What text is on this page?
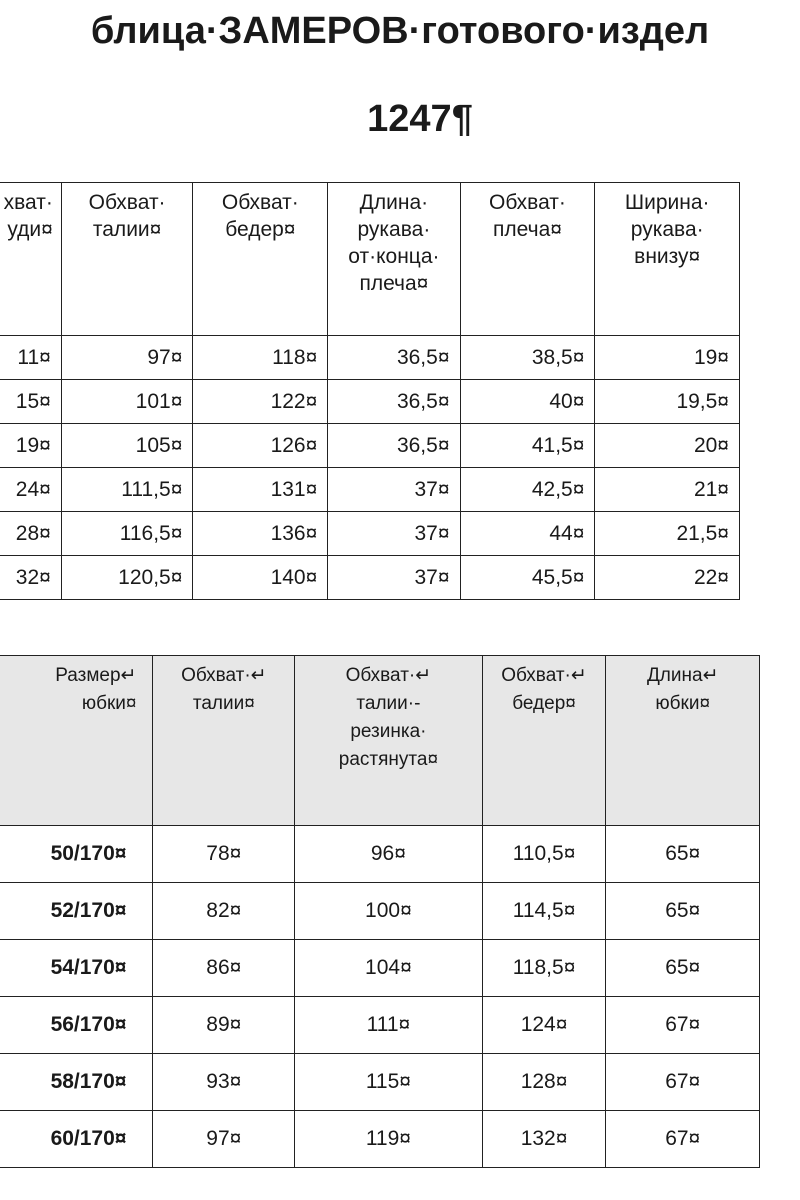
блица·ЗАМЕРОВ·готового·издел
1247¶
хват·
уди¤	Обхват·
талии¤	Обхват·
бедер¤	Длина·
рукава·
от·конца·
плеча¤	Обхват·
плеча¤	Ширина·
рукава·
внизу¤
11¤	97¤	118¤	36,5¤	38,5¤	19¤
15¤	101¤	122¤	36,5¤	40¤	19,5¤
19¤	105¤	126¤	36,5¤	41,5¤	20¤
24¤	111,5¤	131¤	37¤	42,5¤	21¤
28¤	116,5¤	136¤	37¤	44¤	21,5¤
32¤	120,5¤	140¤	37¤	45,5¤	22¤
Размер↵
юбки¤	Обхват·↵
талии¤	Обхват·↵
талии·-
резинка·
растянута¤	Обхват·↵
бедер¤	Длина↵
юбки¤
50/170¤	78¤	96¤	110,5¤	65¤
52/170¤	82¤	100¤	114,5¤	65¤
54/170¤	86¤	104¤	118,5¤	65¤
56/170¤	89¤	111¤	124¤	67¤
58/170¤	93¤	115¤	128¤	67¤
60/170¤	97¤	119¤	132¤	67¤
